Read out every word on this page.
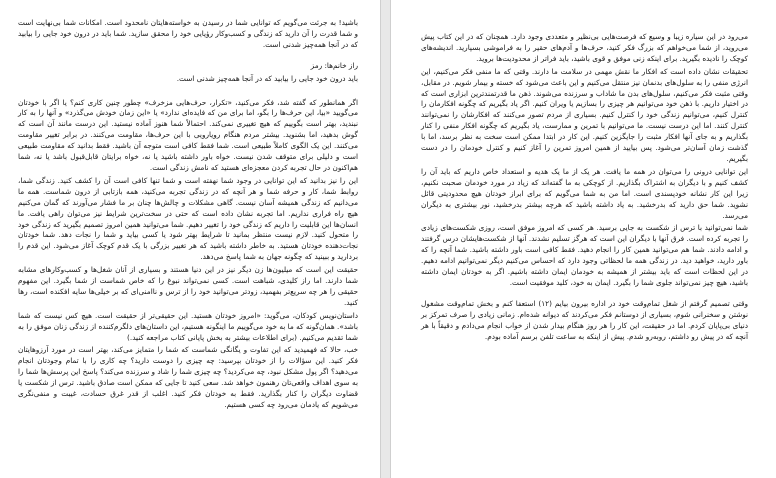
باشید! به جرئت می‌گویم که توانایی شما در رسیدن به خواسته‌هایتان نامحدود است. امکانات شما بی‌نهایت است و شما قدرت را آن دارید که زندگی و کسب‌وکار رؤیایی خود را محقق سازید. شما باید در درون خود جایی را بیابید که در آنجا همه‌چیز شدنی است.

راز خانم‌ها: رمز

باید درون خود جایی را بیابید که در آنجا همه‌چیز شدنی است.

اگر همانطور که گفته شد، فکر می‌کنید، «تکرار، حرف‌هایی مزخرف» چطور چنین کاری کنم؟ یا اگر با خودتان می‌گویید «بیا، این حرف‌ها را بگو، اما برای من که فایده‌ای ندارد» یا «این زمان خودش می‌گذرد» و آنها را به کار نبندید، بهتر است بگوییم که هیچ تغییری نمی‌کند. احتمالاً شما هنوز آماده نیستید. این درست مانند آن است که گوش بدهید، اما بشنوید. بیشتر مردم هنگام رویارویی با این حرف‌ها، مقاومت می‌کنند. در برابر تغییر مقاومت می‌کنند. این یک الگوی کاملاً طبیعی است. شما فقط کافی است متوجه آن باشید. فقط بدانید که مقاومت طبیعی است و دلیلی برای متوقف شدن نیست. خواه باور داشته باشید یا نه، خواه برایتان قابل‌قبول باشد یا نه، شما هم‌اکنون در حال تجربه کردن معجزه‌ای هستید که نامش زندگی است.

این را نیز بدانید که این توانایی در وجود شما نهفته است و شما تنها کافی است آن را کشف کنید. زندگی شما، روابط شما، کار و حرفه شما و هر آنچه که در زندگی تجربه می‌کنید، همه بازتابی از درون شماست. همه ما می‌دانیم که زندگی همیشه آسان نیست. گاهی مشکلات و چالش‌ها چنان بر ما فشار می‌آورند که گمان می‌کنیم هیچ راه فراری نداریم. اما تجربه نشان داده است که حتی در سخت‌ترین شرایط نیز می‌توان راهی یافت. ما انسان‌ها این قابلیت را داریم که زندگی خود را تغییر دهیم. شما می‌توانید همین امروز تصمیم بگیرید که زندگی خود را متحول کنید. لازم نیست منتظر بمانید تا شرایط بهتر شود یا کسی بیاید و شما را نجات دهد. شما خودتان نجات‌دهنده خودتان هستید. به خاطر داشته باشید که هر تغییر بزرگی با یک قدم کوچک آغاز می‌شود. این قدم را بردارید و ببینید که چگونه جهان به شما پاسخ می‌دهد.

حقیقت این است که میلیون‌ها زن دیگر نیز در این دنیا هستند و بسیاری از آنان شغل‌ها و کسب‌وکارهای مشابه شما دارند. اما راز کلیدی، شباهت است. کسی نمی‌تواند نبوغ را که خاص شماست از شما بگیرد. این مفهوم حقیقی را هر چه سریع‌تر بفهمید، زودتر می‌توانید خود را از ترس و ناامنی‌ای که بر خیلی‌ها سایه افکنده است، رها کنید.

داستان‌نویس کودکان، می‌گوید: «امروز خودتان هستید. این حقیقی‌تر از حقیقت است. هیچ کس نیست که شما باشد». همان‌گونه که ما به خود می‌گوییم ما اینگونه هستیم، این داستان‌های دلگرم‌کننده از زندگی زنان موفق را به شما تقدیم می‌کنیم. (برای اطلاعات بیشتر به بخش پایانی کتاب مراجعه کنید.)

خب، حالا که فهمیدید که این تفاوت و یگانگی شماست که شما را متمایز می‌کند، بهتر است در مورد آرزوهایتان فکر کنید. این سؤالات را از خودتان بپرسید: چه چیزی را دوست دارید؟ چه کاری را با تمام وجودتان انجام می‌دهید؟ اگر پول مشکل نبود، چه می‌کردید؟ چه چیزی شما را شاد و سرزنده می‌کند؟ پاسخ این پرسش‌ها شما را به سوی اهداف واقعی‌تان رهنمون خواهد شد. سعی کنید تا جایی که ممکن است صادق باشید. ترس از شکست یا قضاوت دیگران را کنار بگذارید. فقط به خودتان فکر کنید. اغلب از قدر غرق حسادت، غیبت و منفی‌نگری می‌شویم که یادمان می‌رود چه کسی هستیم.

می‌رود در این سیاره زیبا و وسیع که فرصت‌هایی بی‌نظیر و متعددی وجود دارد. همچنان که در این کتاب پیش می‌روید، از شما می‌خواهم که بزرگ فکر کنید، حرف‌ها و آدم‌های حقیر را به فراموشی بسپارید. اندیشه‌های کوچک را نادیده بگیرید. برای اینکه زنی موفق و قوی باشید، باید فراتر از محدودیت‌ها بروید.

تحقیقات نشان داده است که افکار ما نقش مهمی در سلامت ما دارند. وقتی که ما منفی فکر می‌کنیم، این انرژی منفی را به سلول‌های بدنمان نیز منتقل می‌کنیم و این باعث می‌شود که خسته و بیمار شویم. در مقابل، وقتی مثبت فکر می‌کنیم، سلول‌های بدن ما شاداب و سرزنده می‌شوند. ذهن ما قدرتمندترین ابزاری است که در اختیار داریم. با ذهن خود می‌توانیم هر چیزی را بسازیم یا ویران کنیم. اگر یاد بگیریم که چگونه افکارمان را کنترل کنیم، می‌توانیم زندگی خود را کنترل کنیم. بسیاری از مردم تصور می‌کنند که افکارشان را نمی‌توانند کنترل کنند. اما این درست نیست. ما می‌توانیم با تمرین و ممارست، یاد بگیریم که چگونه افکار منفی را کنار بگذاریم و به جای آنها افکار مثبت را جایگزین کنیم. این کار در ابتدا ممکن است سخت به نظر برسد، اما با گذشت زمان آسان‌تر می‌شود. پس بیایید از همین امروز تمرین را آغاز کنیم و کنترل خودمان را در دست بگیریم.

این توانایی درونی را می‌توان در همه ما یافت. هر یک از ما یک هدیه و استعداد خاص داریم که باید آن را کشف کنیم و با دیگران به اشتراک بگذاریم. از کوچکی به ما گفته‌اند که زیاد در مورد خودمان صحبت نکنیم، زیرا این کار نشانه خودپسندی است. اما من به شما می‌گویم که برای ابراز خودتان هیچ محدودیتی قائل نشوید. شما حق دارید که بدرخشید. به یاد داشته باشید که هرچه بیشتر بدرخشید، نور بیشتری به دیگران می‌رسد.

شما نمی‌توانید با ترس از شکست به جایی برسید. هر کسی که امروز موفق است، روزی شکست‌های زیادی را تجربه کرده است. فرق آنها با دیگران این است که هرگز تسلیم نشدند. آنها از شکست‌هایشان درس گرفتند و ادامه دادند. شما هم می‌توانید همین کار را انجام دهید. فقط کافی است باور داشته باشید. شما آنچه را که باور دارید، خواهید دید. در زندگی همه ما لحظاتی وجود دارد که احساس می‌کنیم دیگر نمی‌توانیم ادامه دهیم. در این لحظات است که باید بیشتر از همیشه به خودمان ایمان داشته باشیم. اگر به خودتان ایمان داشته باشید، هیچ چیز نمی‌تواند جلوی شما را بگیرد. ایمان به خود، کلید موفقیت است.

وقتی تصمیم گرفتم از شغل تمام‌وقت خود در اداره بیرون بیایم (۱۲) استعفا کنم و بخش تمام‌وقت مشغول نوشتن و سخنرانی شوم، بسیاری از دوستانم فکر می‌کردند که دیوانه شده‌ام. زمانی زیادی را صرف تمرکز بر دنیای بی‌پایان کردم. اما در حقیقت، این کار را هر روز هنگام بیدار شدن از خواب انجام می‌دادم و دقیقاً با هر آنچه که در پیش رو داشتم، روبه‌رو شدم. پیش از اینکه به ساعت تلفن برسم آماده بودم.
